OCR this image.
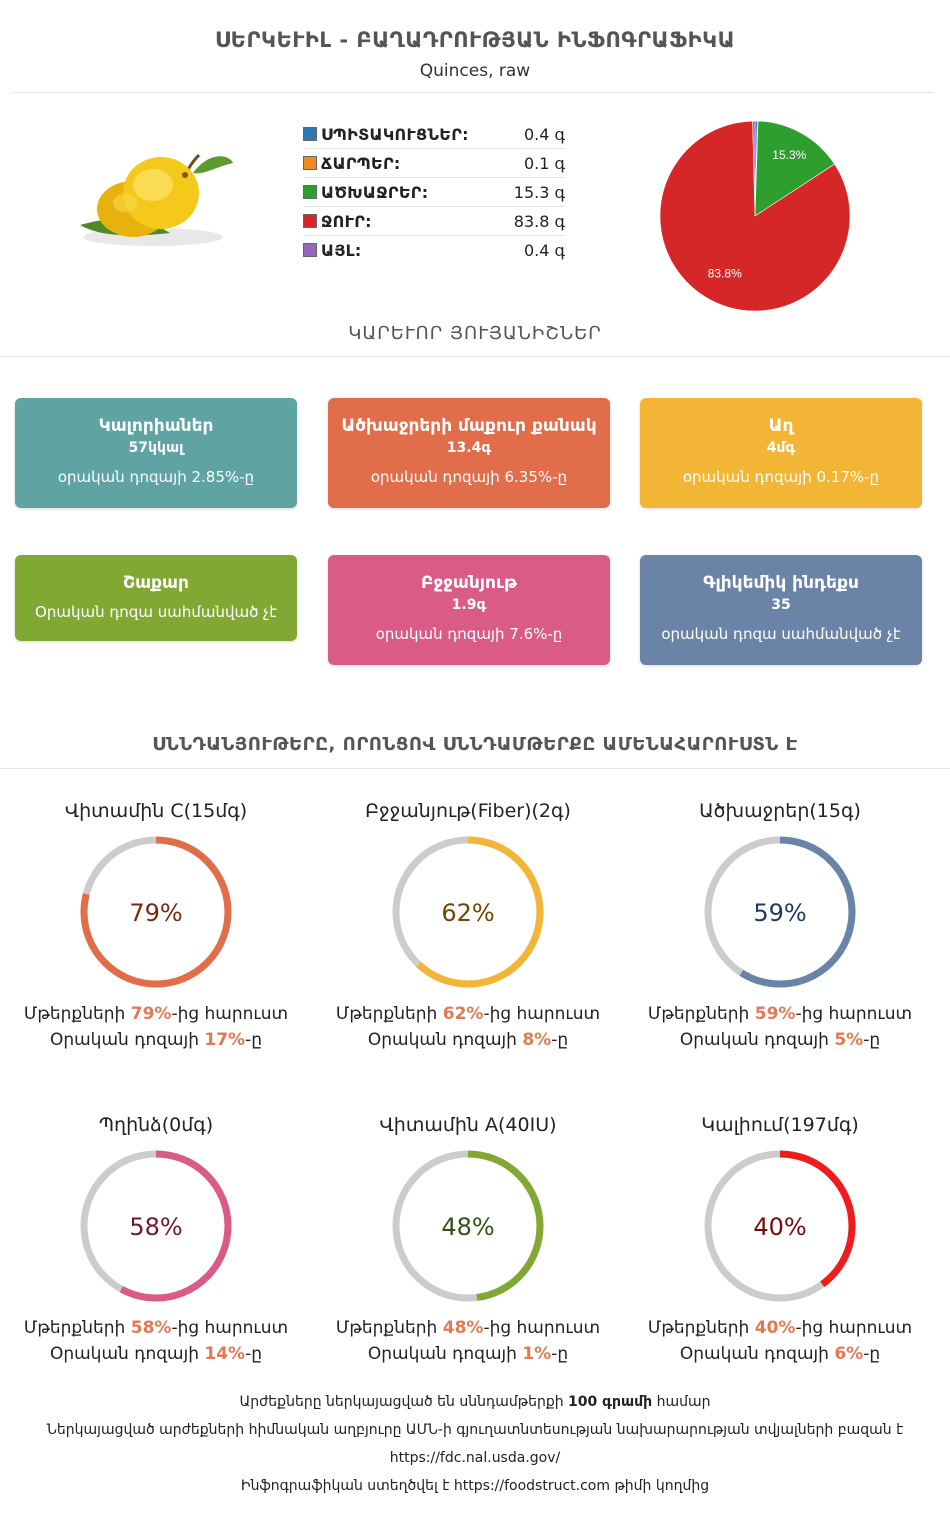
ՍԵՐԿԵՒԻԼ - ԲԱՂԱԴՐՈՒԹՅԱՆ ԻՆՖՈԳՐԱՖԻԿԱ
Quinces, raw
ՍՊԻՏԱԿՈՒՑՆԵՐ:	0.4 գ
ՃԱՐՊԵՐ:	0.1 գ
ԱԾԽԱՋՐԵՐ:	15.3 գ
ՋՈՒՐ:	83.8 գ
ԱՅԼ:	0.4 գ
15.3%
83.8%
ԿԱՐԵՒՈՐ ՅՈՒՅԱՆԻՇՆԵՐ
Կալորիաներ
57կկալ
օրական դոզայի 2.85%-ը
Ածխաջրերի մաքուր քանակ
13.4գ
օրական դոզայի 6.35%-ը
Աղ
4մգ
օրական դոզայի 0.17%-ը
Շաքար
Օրական դոզա սահմանված չէ
Բջջանյութ
1.9գ
օրական դոզայի 7.6%-ը
Գլիկեմիկ ինդեքս
35
օրական դոզա սահմանված չէ
ՍՆՆԴԱՆՅՈՒԹԵՐԸ, ՈՐՈՆՑՈՎ ՍՆՆԴԱՄԹԵՐՔԸ ԱՄԵՆԱՀԱՐՈՒՍՏՆ Է
Վիտամին C(15մգ)
79%
Մթերքների 79%-ից հարուստ
Օրական դոզայի 17%-ը
Բջջանյութ(Fiber)(2գ)
62%
Մթերքների 62%-ից հարուստ
Օրական դոզայի 8%-ը
Ածխաջրեր(15գ)
59%
Մթերքների 59%-ից հարուստ
Օրական դոզայի 5%-ը
Պղինձ(0մգ)
58%
Մթերքների 58%-ից հարուստ
Օրական դոզայի 14%-ը
Վիտամին A(40IU)
48%
Մթերքների 48%-ից հարուստ
Օրական դոզայի 1%-ը
Կալիում(197մգ)
40%
Մթերքների 40%-ից հարուստ
Օրական դոզայի 6%-ը
Արժեքները ներկայացված են սննդամթերքի 100 գրամի համար
Ներկայացված արժեքների հիմնական աղբյուրը ԱՄՆ-ի գյուղատնտեսության նախարարության տվյալների բազան է
https://fdc.nal.usda.gov/
Ինֆոգրաֆիկան ստեղծվել է https://foodstruct.com թիմի կողմից
